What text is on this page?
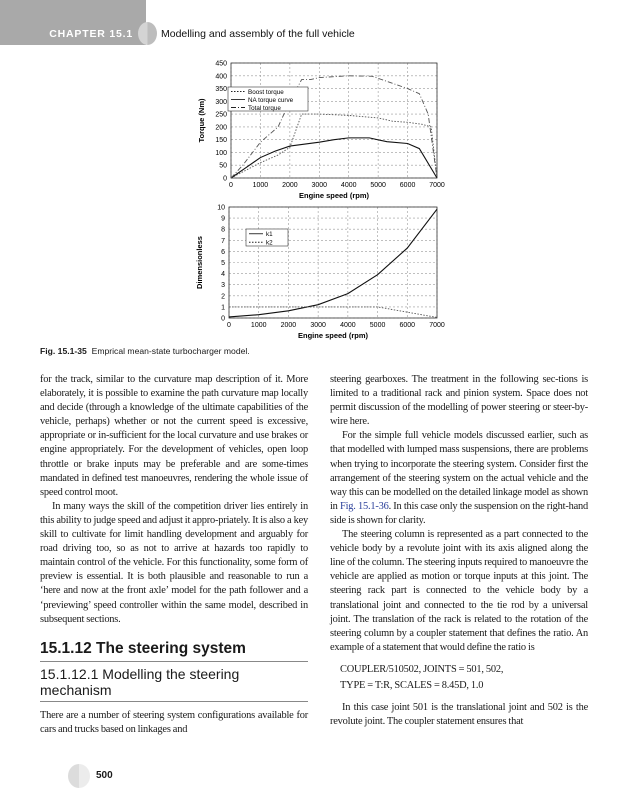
CHAPTER 15.1	Modelling and assembly of the full vehicle
0	1000 2000 3000 4000 5000 6000 7000
0
50
100
150
200
250
300
350
400
450
Engine speed (rpm)
Torque (Nm)
Boost torque
NA torque curve
Total torque
0	1000 2000 3000 4000 5000 6000 7000
0
1
2
3
4
5
6
7
8
9
10
Engine speed (rpm)
Dimensionless
k1
k2
Fig. 15.1-35 Emprical mean-state turbocharger model.

for the track, similar to the curvature map description of it. More elaborately, it is possible to examine the path curvature map locally and decide (through a knowledge of the ultimate capabilities of the vehicle, perhaps) whether or not the current speed is excessive, appropriate or in-sufficient for the local curvature and use brakes or engine appropriately. For the development of vehicles, open loop throttle or brake inputs may be preferable and are some-times mandated in defined test manoeuvres, rendering the whole issue of speed control moot.

In many ways the skill of the competition driver lies entirely in this ability to judge speed and adjust it appro-priately. It is also a key skill to cultivate for limit handling development and arguably for road driving too, so as not to arrive at hazards too rapidly to maintain control of the vehicle. For this functionality, some form of preview is essential. It is both plausible and reasonable to run a ‘here and now at the front axle’ model for the path follower and a ‘previewing’ speed controller within the same model, described in subsequent sections.

15.1.12 The steering system
15.1.12.1 Modelling the steering mechanism

There are a number of steering system configurations available for cars and trucks based on linkages and

steering gearboxes. The treatment in the following sec-tions is limited to a traditional rack and pinion system. Space does not permit discussion of the modelling of power steering or steer-by-wire here.

For the simple full vehicle models discussed earlier, such as that modelled with lumped mass suspensions, there are problems when trying to incorporate the steering system. Consider first the arrangement of the steering system on the actual vehicle and the way this can be modelled on the detailed linkage model as shown in Fig. 15.1-36. In this case only the suspension on the right-hand side is shown for clarity.

The steering column is represented as a part connected to the vehicle body by a revolute joint with its axis aligned along the line of the column. The steering inputs required to manoeuvre the vehicle are applied as motion or torque inputs at this joint. The steering rack part is connected to the vehicle body by a translational joint and connected to the tie rod by a universal joint. The translation of the rack is related to the rotation of the steering column by a coupler statement that defines the ratio. An example of a statement that would define the ratio is

COUPLER/510502, JOINTS = 501, 502,
TYPE = T:R, SCALES = 8.45D, 1.0

In this case joint 501 is the translational joint and 502 is the revolute joint. The coupler statement ensures that

500
